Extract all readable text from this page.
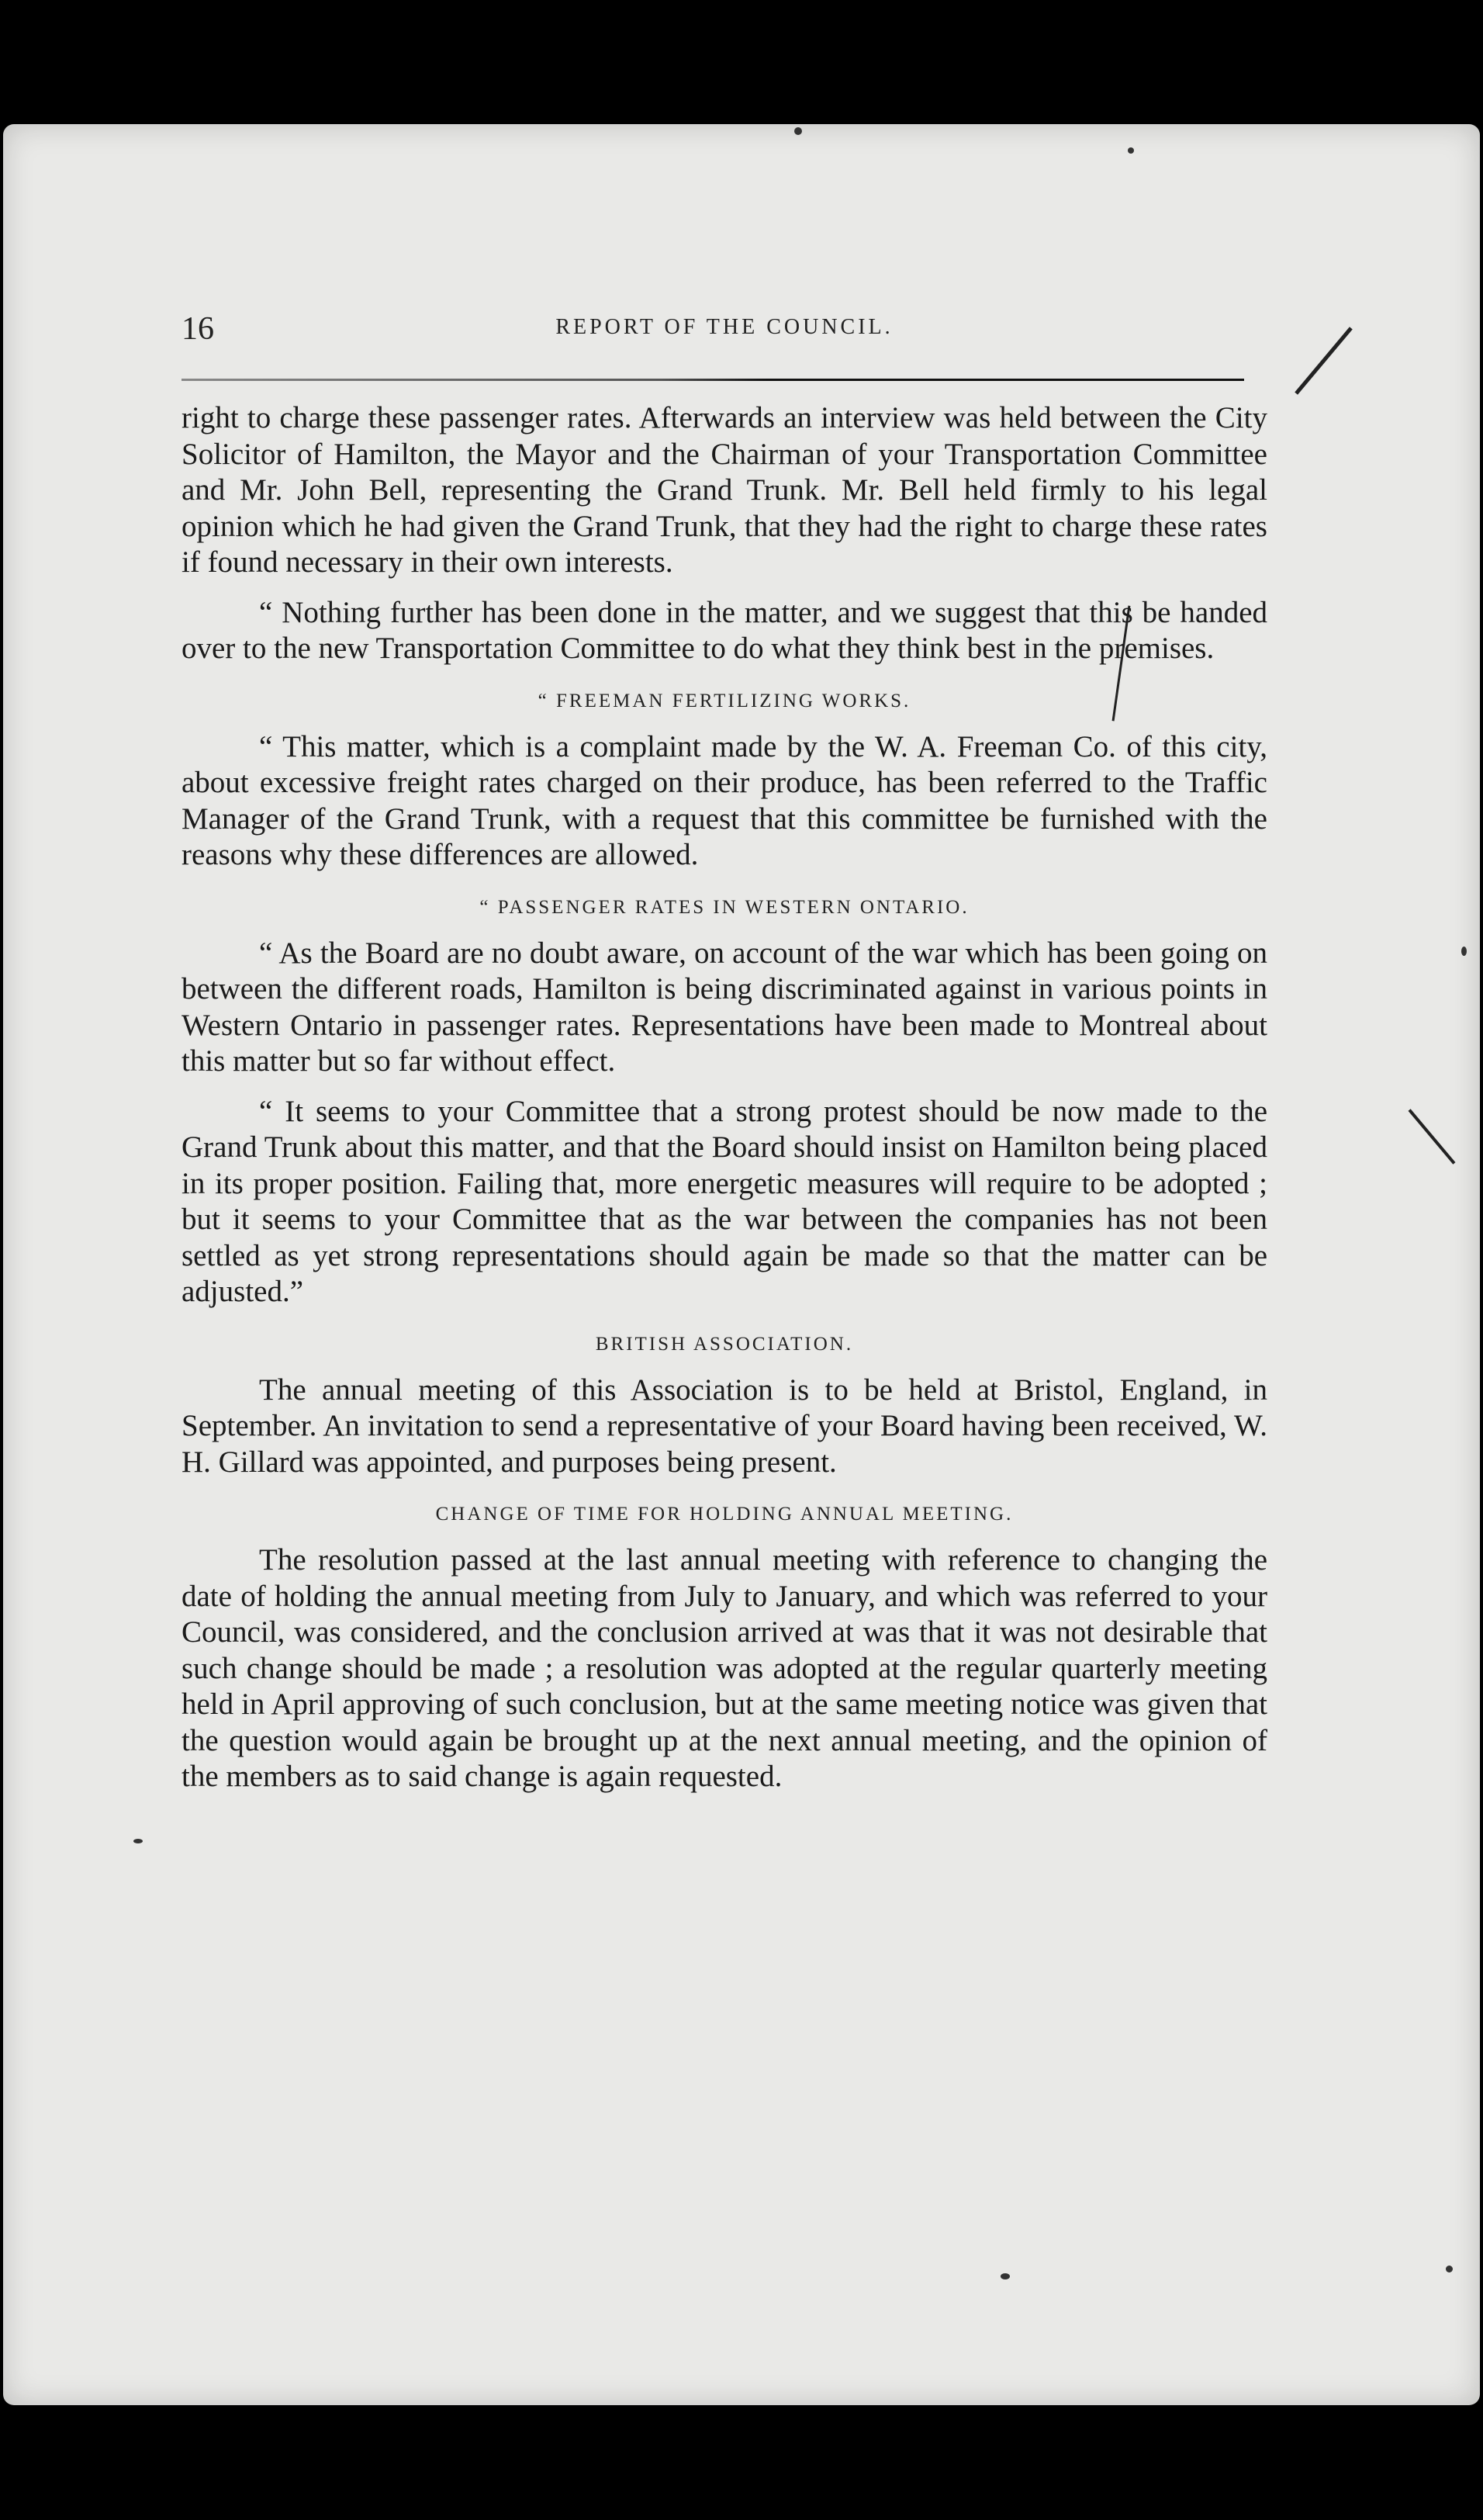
16	REPORT OF THE COUNCIL.

right to charge these passenger rates. Afterwards an interview was held between the City Solicitor of Hamilton, the Mayor and the Chairman of your Transportation Committee and Mr. John Bell, representing the Grand Trunk. Mr. Bell held firmly to his legal opinion which he had given the Grand Trunk, that they had the right to charge these rates if found necessary in their own interests.

“ Nothing further has been done in the matter, and we suggest that this be handed over to the new Transportation Committee to do what they think best in the premises.

“ FREEMAN FERTILIZING WORKS.

“ This matter, which is a complaint made by the W. A. Freeman Co. of this city, about excessive freight rates charged on their produce, has been referred to the Traffic Manager of the Grand Trunk, with a request that this committee be furnished with the reasons why these differences are allowed.

“ PASSENGER RATES IN WESTERN ONTARIO.

“ As the Board are no doubt aware, on account of the war which has been going on between the different roads, Hamilton is being discriminated against in various points in Western Ontario in passenger rates. Representations have been made to Montreal about this matter but so far without effect.

“ It seems to your Committee that a strong protest should be now made to the Grand Trunk about this matter, and that the Board should insist on Hamilton being placed in its proper position. Failing that, more energetic measures will require to be adopted ; but it seems to your Committee that as the war between the companies has not been settled as yet strong representations should again be made so that the matter can be adjusted.”

BRITISH ASSOCIATION.

The annual meeting of this Association is to be held at Bristol, England, in September. An invitation to send a representative of your Board having been received, W. H. Gillard was appointed, and purposes being present.

CHANGE OF TIME FOR HOLDING ANNUAL MEETING.

The resolution passed at the last annual meeting with reference to changing the date of holding the annual meeting from July to January, and which was referred to your Council, was considered, and the conclusion arrived at was that it was not desirable that such change should be made ; a resolution was adopted at the regular quarterly meeting held in April approving of such conclusion, but at the same meeting notice was given that the question would again be brought up at the next annual meeting, and the opinion of the members as to said change is again requested.
